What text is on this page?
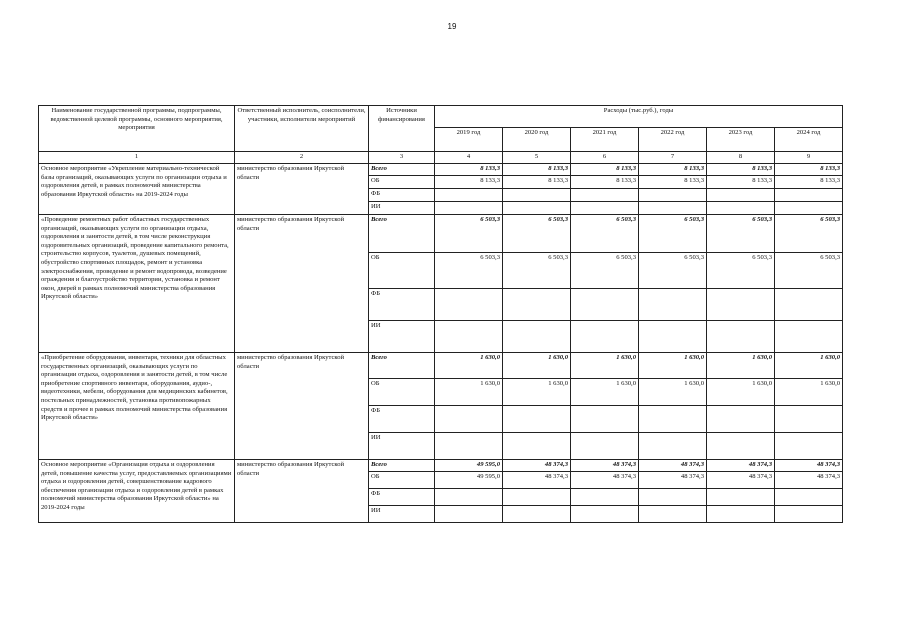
19
Наименование государственной программы, подпрограммы, ведомственной целевой программы, основного мероприятия, мероприятия	Ответственный исполнитель, соисполнители, участники, исполнители мероприятий	Источники финансирования	Расходы (тыс.руб.), годы					
			2019 год	2020 год	2021 год	2022 год	2023 год	2024 год
1	2	3	4	5	6	7	8	9
Основное мероприятие «Укрепление материально-технической базы организаций, оказывающих услуги по организации отдыха и оздоровления детей, в рамках полномочий министерства образования Иркутской области» на 2019-2024 годы	министерство образования Иркутской области	Всего	8 133,3	8 133,3	8 133,3	8 133,3	8 133,3	8 133,3
		ОБ	8 133,3	8 133,3	8 133,3	8 133,3	8 133,3	8 133,3
		ФБ						
		ИИ						
«Проведение ремонтных работ областных государственных организаций, оказывающих услуги по организации отдыха, оздоровления и занятости детей, в том числе реконструкция оздоровительных организаций, проведение капитального ремонта, строительство корпусов, туалетов, душевых помещений, обустройство спортивных площадок, ремонт и установка электроснабжения, проведение и ремонт водопровода, возведение ограждения и благоустройство территории, установка и ремонт окон, дверей в рамках полномочий министерства образования Иркутской области»	министерство образования Иркутской области	Всего	6 503,3	6 503,3	6 503,3	6 503,3	6 503,3	6 503,3
		ОБ	6 503,3	6 503,3	6 503,3	6 503,3	6 503,3	6 503,3
		ФБ						
		ИИ						
«Приобретение оборудования, инвентаря, техники для областных государственных организаций, оказывающих услуги по организации отдыха, оздоровления и занятости детей, в том числе приобретение спортивного инвентаря, оборудования, аудио-, видеотехники, мебели, оборудования для медицинских кабинетов, постельных принадлежностей, установка противопожарных средств и прочее в рамках полномочий министерства образования Иркутской области»	министерство образования Иркутской области	Всего	1 630,0	1 630,0	1 630,0	1 630,0	1 630,0	1 630,0
		ОБ	1 630,0	1 630,0	1 630,0	1 630,0	1 630,0	1 630,0
		ФБ						
		ИИ						
Основное мероприятие «Организация отдыха и оздоровления детей, повышение качества услуг, предоставляемых организациями отдыха и оздоровления детей, совершенствование кадрового обеспечения организации отдыха и оздоровления детей в рамках полномочий министерства образования Иркутской области» на 2019-2024 годы	министерство образования Иркутской области	Всего	49 595,0	48 374,3	48 374,3	48 374,3	48 374,3	48 374,3
		ОБ	49 595,0	48 374,3	48 374,3	48 374,3	48 374,3	48 374,3
		ФБ						
		ИИ						
